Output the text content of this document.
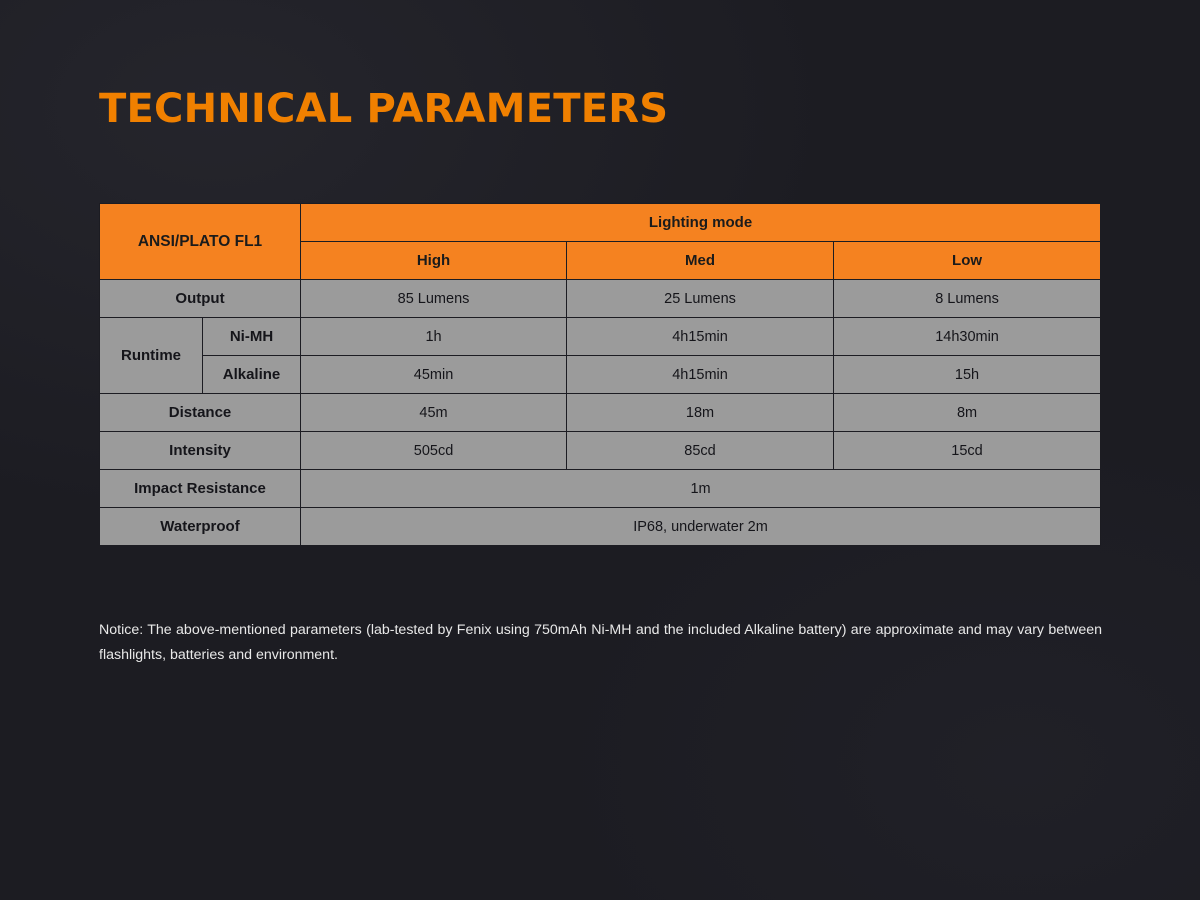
TECHNICAL PARAMETERS
ANSI/PLATO FL1		Lighting mode		
		High	Med	Low
Output		85 Lumens	25 Lumens	8 Lumens
Runtime	Ni-MH	1h	4h15min	14h30min
	Alkaline	45min	4h15min	15h
Distance		45m	18m	8m
Intensity		505cd	85cd	15cd
Impact Resistance		1m		
Waterproof		IP68, underwater 2m		
Notice: The above-mentioned parameters (lab-tested by Fenix using 750mAh Ni-MH and the included Alkaline battery) are approximate and may vary between flashlights, batteries and environment.
